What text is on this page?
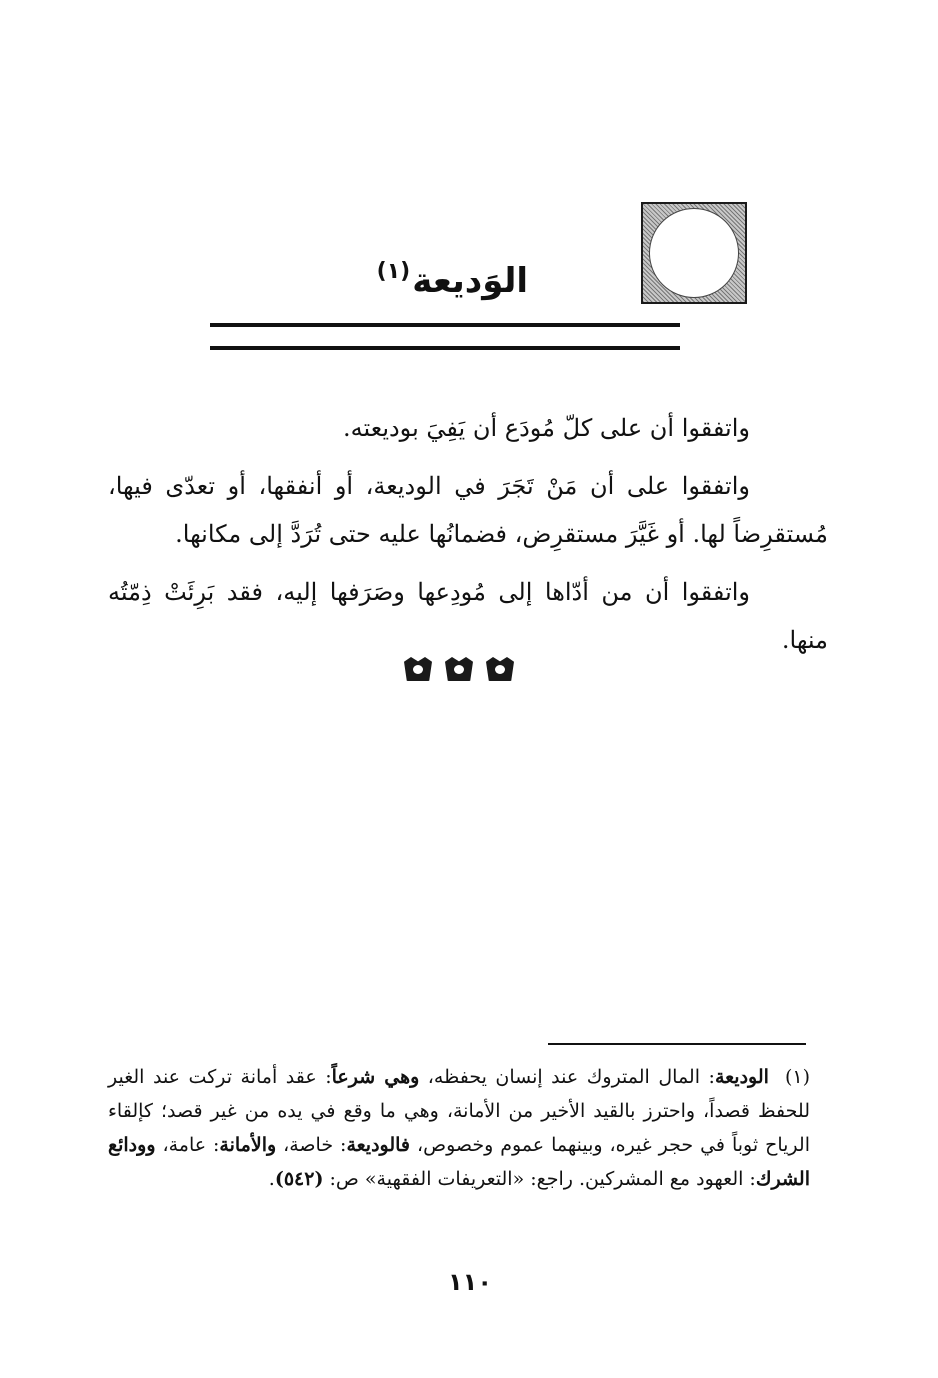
الوَديعة$^{(١)}$

واتفقوا أن على كلّ مُودَع أن يَفِيَ بوديعته.

واتفقوا على أن مَنْ تَجَرَ في الوديعة، أو أنفقها، أو تعدّى فيها، مُستقرِضاً لها. أو غَيَّرَ مستقرِض، فضمانُها عليه حتى تُرَدَّ إلى مكانها.

واتفقوا أن من أدّاها إلى مُودِعها وصَرَفها إليه، فقد بَرِئَتْ ذِمّتُه منها.

(١)الوديعة: المال المتروك عند إنسان يحفظه، وهي شرعاً: عقد أمانة تركت عند الغير للحفظ قصداً، واحترز بالقيد الأخير من الأمانة، وهي ما وقع في يده من غير قصد؛ كإلقاء الرياح ثوباً في حجر غيره، وبينهما عموم وخصوص، فالوديعة: خاصة، والأمانة: عامة، وودائع الشرك: العهود مع المشركين. راجع: «التعريفات الفقهية» ص: (٥٤٢).

١١٠
